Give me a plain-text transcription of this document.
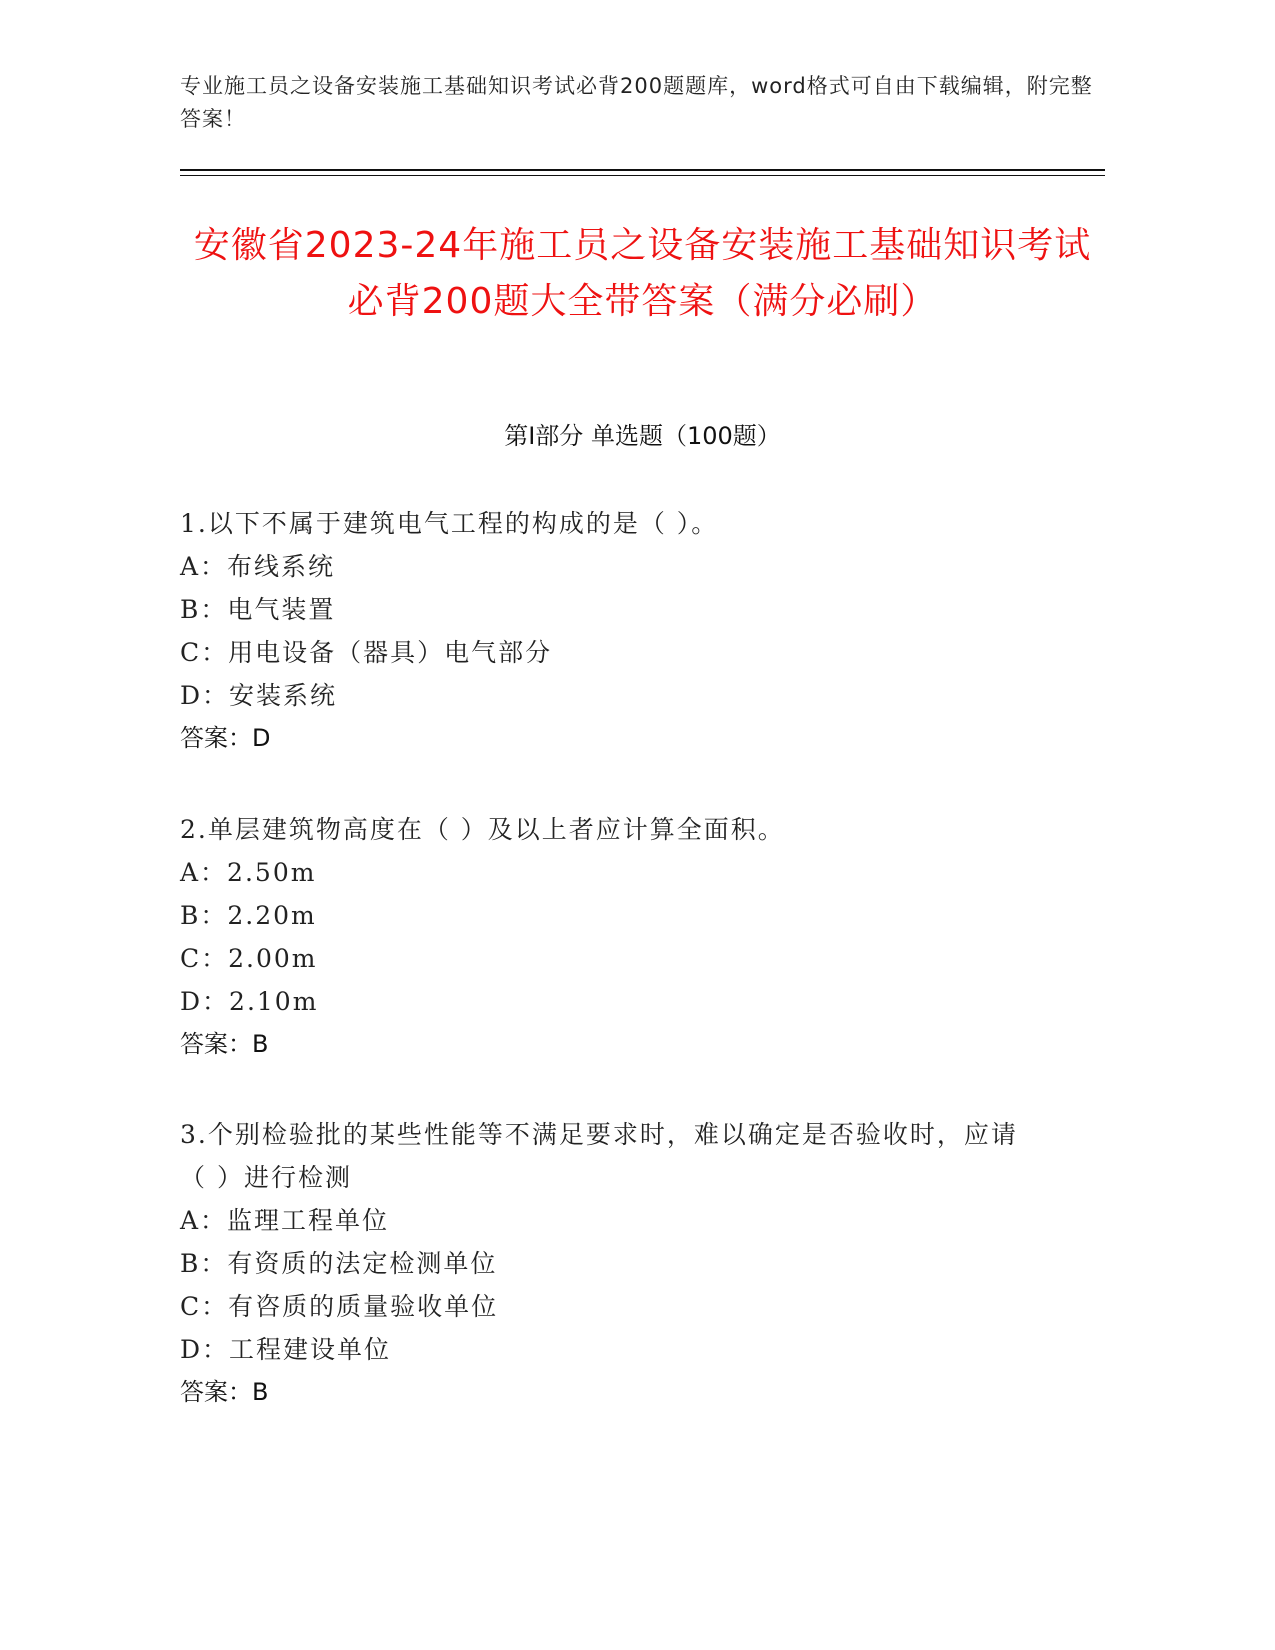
专业施工员之设备安装施工基础知识考试必背200题题库，word格式可自由下载编辑，附完整答案！
安徽省2023-24年施工员之设备安装施工基础知识考试必背200题大全带答案（满分必刷）
第Ⅰ部分 单选题（100题）
1.以下不属于建筑电气工程的构成的是（ ）。
A：布线系统
B：电气装置
C：用电设备（器具）电气部分
D：安装系统
答案：D
2.单层建筑物高度在（ ）及以上者应计算全面积。
A：2.50m
B：2.20m
C：2.00m
D：2.10m
答案：B
3.个别检验批的某些性能等不满足要求时，难以确定是否验收时，应请（ ）进行检测
A：监理工程单位
B：有资质的法定检测单位
C：有咨质的质量验收单位
D：工程建设单位
答案：B
